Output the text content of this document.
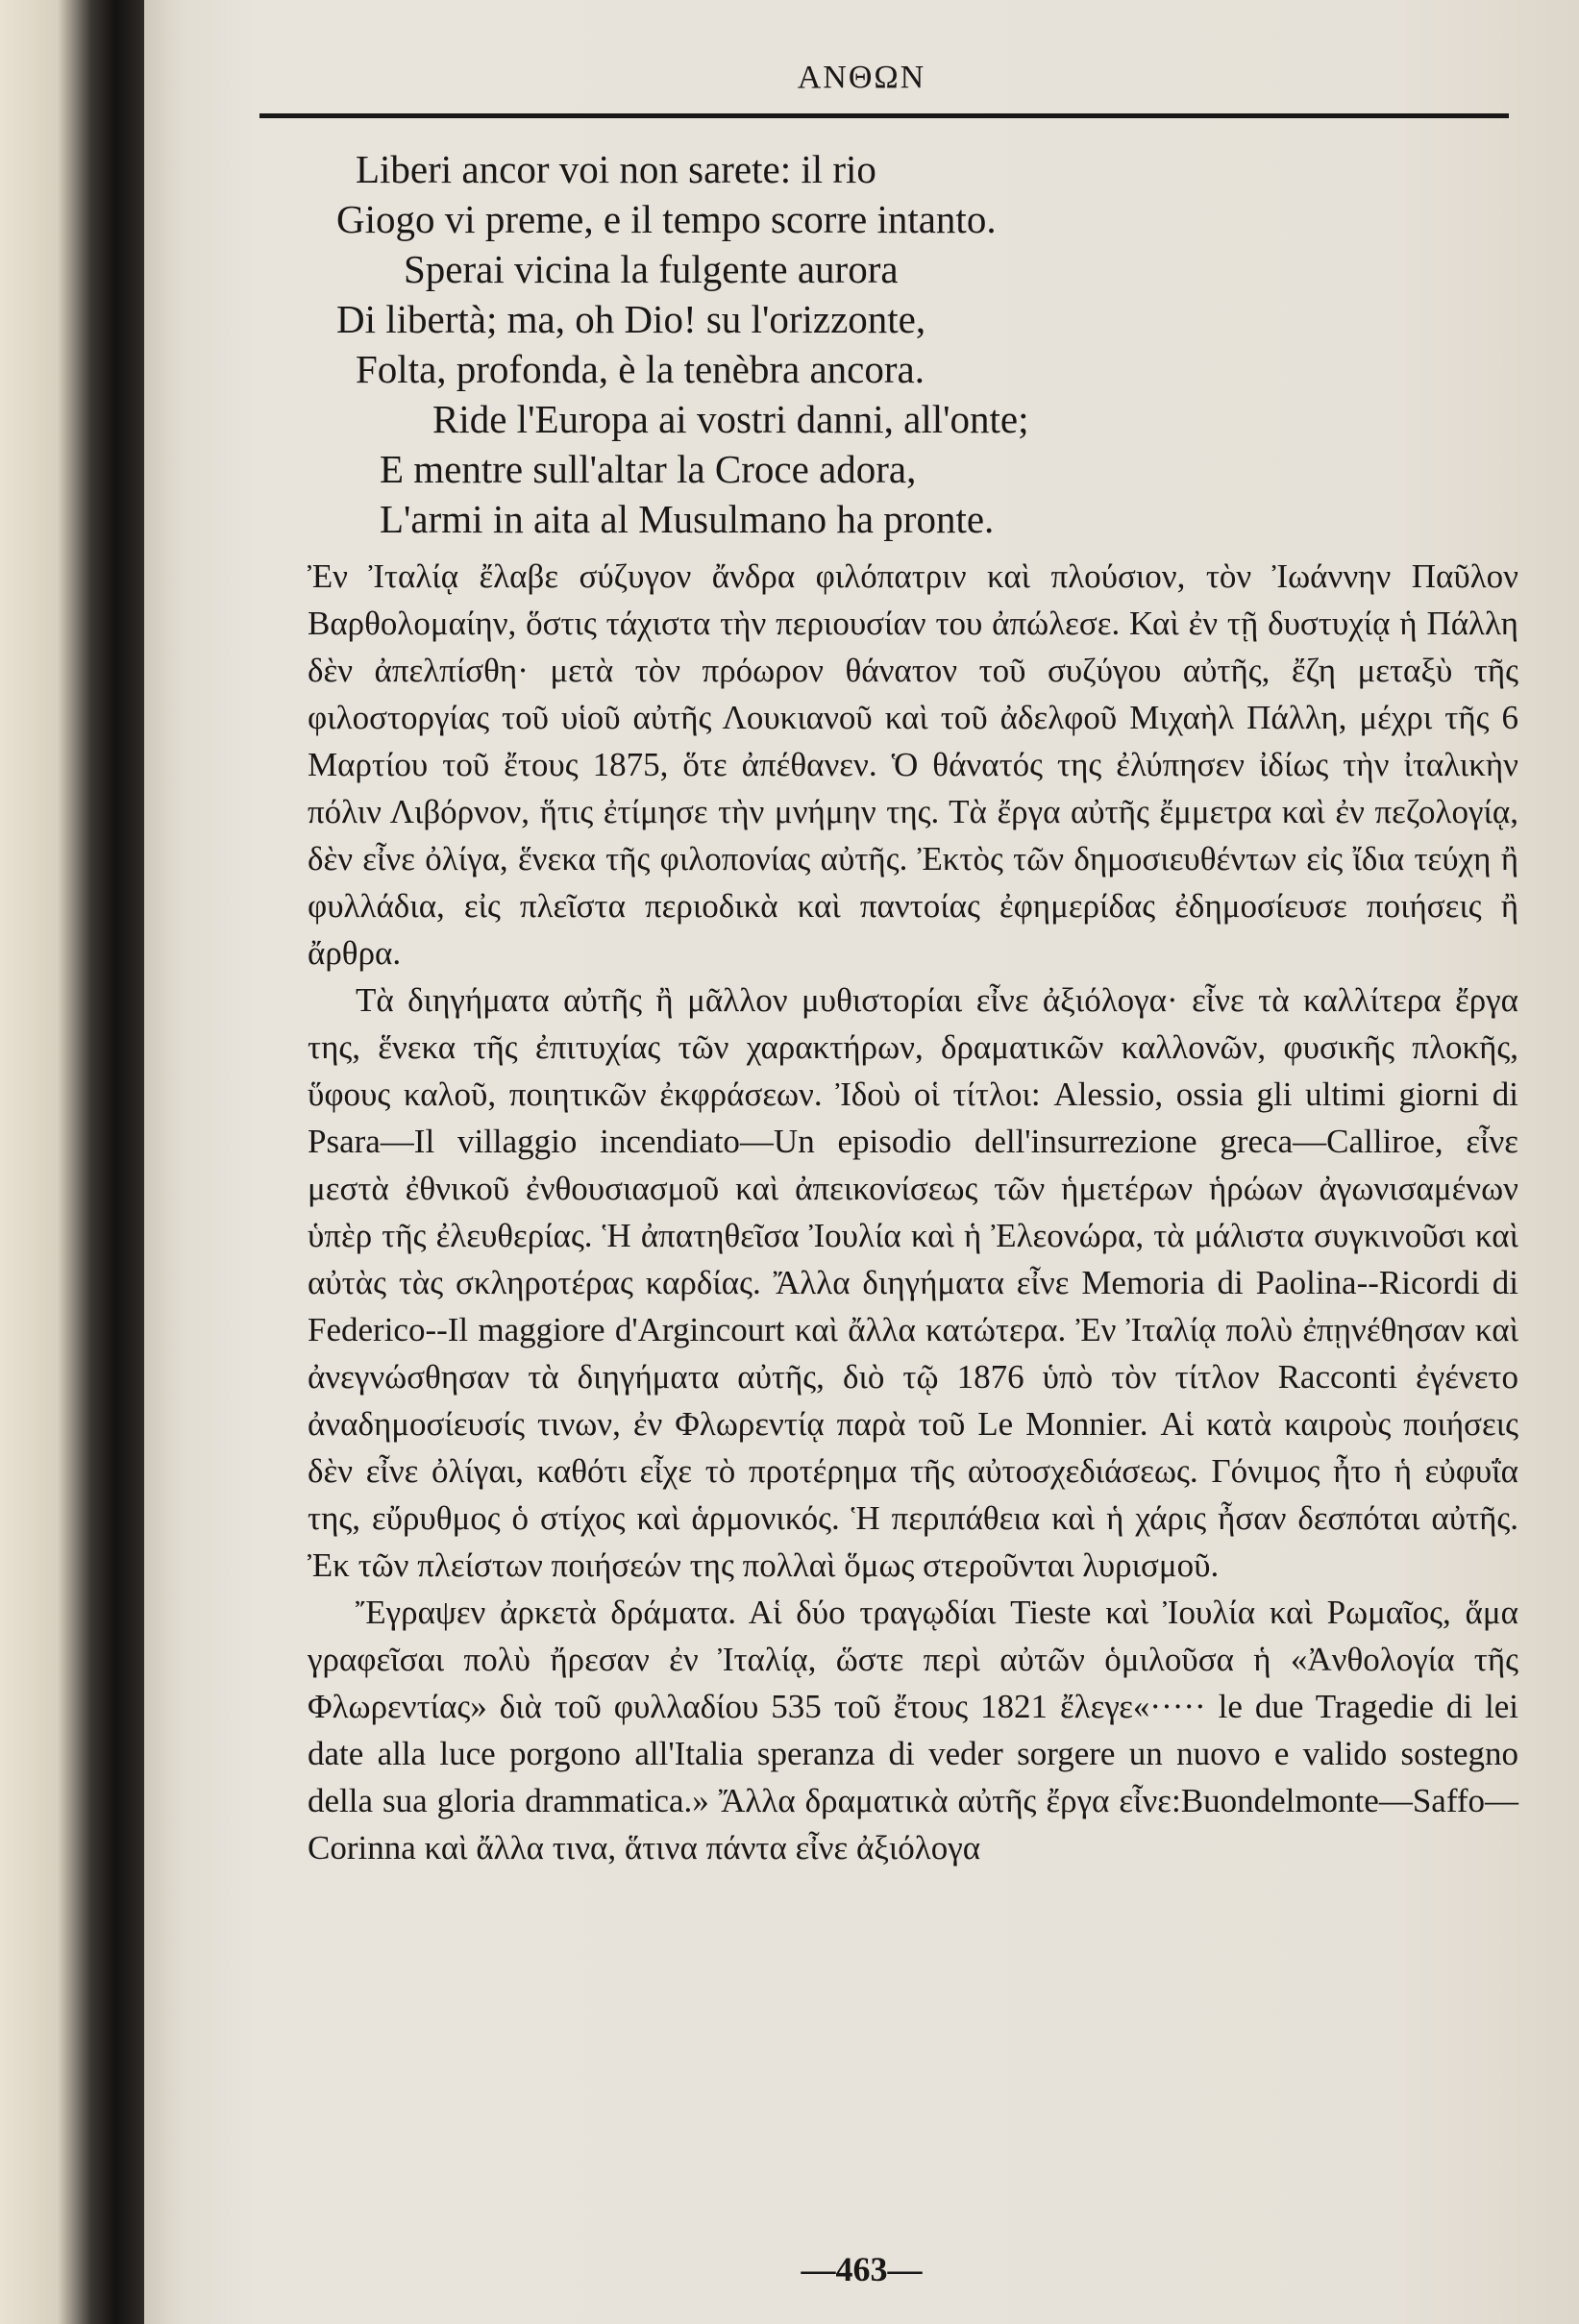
ΑΝΘΩΝ
Liberi ancor voi non sarete: il rio
Giogo vi preme, e il tempo scorre intanto.
Sperai vicina la fulgente aurora
Di libertà; ma, oh Dio! su l'orizzonte,
Folta, profonda, è la tenèbra ancora.
Ride l'Europa ai vostri danni, all'onte;
E mentre sull'altar la Croce adora,
L'armi in aita al Musulmano ha pronte.

Ἐν Ἰταλίᾳ ἔλαβε σύζυγον ἄνδρα φιλόπατριν καὶ πλούσιον, τὸν Ἰωάννην Παῦλον Βαρθολομαίην, ὅστις τάχιστα τὴν περιουσίαν του ἀπώλεσε. Καὶ ἐν τῇ δυστυχίᾳ ἡ Πάλλη δὲν ἀπελπίσθη· μετὰ τὸν πρόωρον θάνατον τοῦ συζύγου αὐτῆς, ἔζη μεταξὺ τῆς φιλοστοργίας τοῦ υἱοῦ αὐτῆς Λουκιανοῦ καὶ τοῦ ἀδελφοῦ Μιχαὴλ Πάλλη, μέχρι τῆς 6 Μαρτίου τοῦ ἔτους 1875, ὅτε ἀπέθανεν. Ὁ θάνατός της ἐλύπησεν ἰδίως τὴν ἰταλικὴν πόλιν Λιβόρνον, ἥτις ἐτίμησε τὴν μνήμην της. Τὰ ἔργα αὐτῆς ἔμμετρα καὶ ἐν πεζολογίᾳ, δὲν εἶνε ὀλίγα, ἕνεκα τῆς φιλοπονίας αὐτῆς. Ἐκτὸς τῶν δημοσιευθέντων εἰς ἴδια τεύχη ἢ φυλλάδια, εἰς πλεῖστα περιοδικὰ καὶ παντοίας ἐφημερίδας ἐδημοσίευσε ποιήσεις ἢ ἄρθρα.

Τὰ διηγήματα αὐτῆς ἢ μᾶλλον μυθιστορίαι εἶνε ἀξιόλογα· εἶνε τὰ καλλίτερα ἔργα της, ἕνεκα τῆς ἐπιτυχίας τῶν χαρακτήρων, δραματικῶν καλλονῶν, φυσικῆς πλοκῆς, ὕφους καλοῦ, ποιητικῶν ἐκφράσεων. Ἰδοὺ οἱ τίτλοι: Alessio, ossia gli ultimi giorni di Psara—Il villaggio incendiato—Un episodio dell'insurrezione greca—Calliroe, εἶνε μεστὰ ἐθνικοῦ ἐνθουσιασμοῦ καὶ ἀπεικονίσεως τῶν ἡμετέρων ἡρώων ἀγωνισαμένων ὑπὲρ τῆς ἐλευθερίας. Ἡ ἀπατηθεῖσα Ἰουλία καὶ ἡ Ἐλεονώρα, τὰ μάλιστα συγκινοῦσι καὶ αὐτὰς τὰς σκληροτέρας καρδίας. Ἄλλα διηγήματα εἶνε Memoria di Paolina--Ricordi di Federico--Il maggiore d'Argincourt καὶ ἄλλα κατώτερα. Ἐν Ἰταλίᾳ πολὺ ἐπῃνέθησαν καὶ ἀνεγνώσθησαν τὰ διηγήματα αὐτῆς, διὸ τῷ 1876 ὑπὸ τὸν τίτλον Racconti ἐγένετο ἀναδημοσίευσίς τινων, ἐν Φλωρεντίᾳ παρὰ τοῦ Le Monnier. Αἱ κατὰ καιροὺς ποιήσεις δὲν εἶνε ὀλίγαι, καθότι εἶχε τὸ προτέρημα τῆς αὐτοσχεδιάσεως. Γόνιμος ἦτο ἡ εὐφυΐα της, εὔρυθμος ὁ στίχος καὶ ἁρμονικός. Ἡ περιπάθεια καὶ ἡ χάρις ἦσαν δεσπόται αὐτῆς. Ἐκ τῶν πλείστων ποιήσεών της πολλαὶ ὅμως στεροῦνται λυρισμοῦ.

Ἔγραψεν ἀρκετὰ δράματα. Αἱ δύο τραγῳδίαι Tieste καὶ Ἰουλία καὶ Ρωμαῖος, ἅμα γραφεῖσαι πολὺ ἤρεσαν ἐν Ἰταλίᾳ, ὥστε περὶ αὐτῶν ὁμιλοῦσα ἡ «Ἀνθολογία τῆς Φλωρεντίας» διὰ τοῦ φυλλαδίου 535 τοῦ ἔτους 1821 ἔλεγε«····· le due Tragedie di lei date alla luce porgono all'Italia speranza di veder sorgere un nuovo e valido sostegno della sua gloria drammatica.» Ἄλλα δραματικὰ αὐτῆς ἔργα εἶνε:Buondelmonte—Saffo—Corinna καὶ ἄλλα τινα, ἅτινα πάντα εἶνε ἀξιόλογα

—463—
